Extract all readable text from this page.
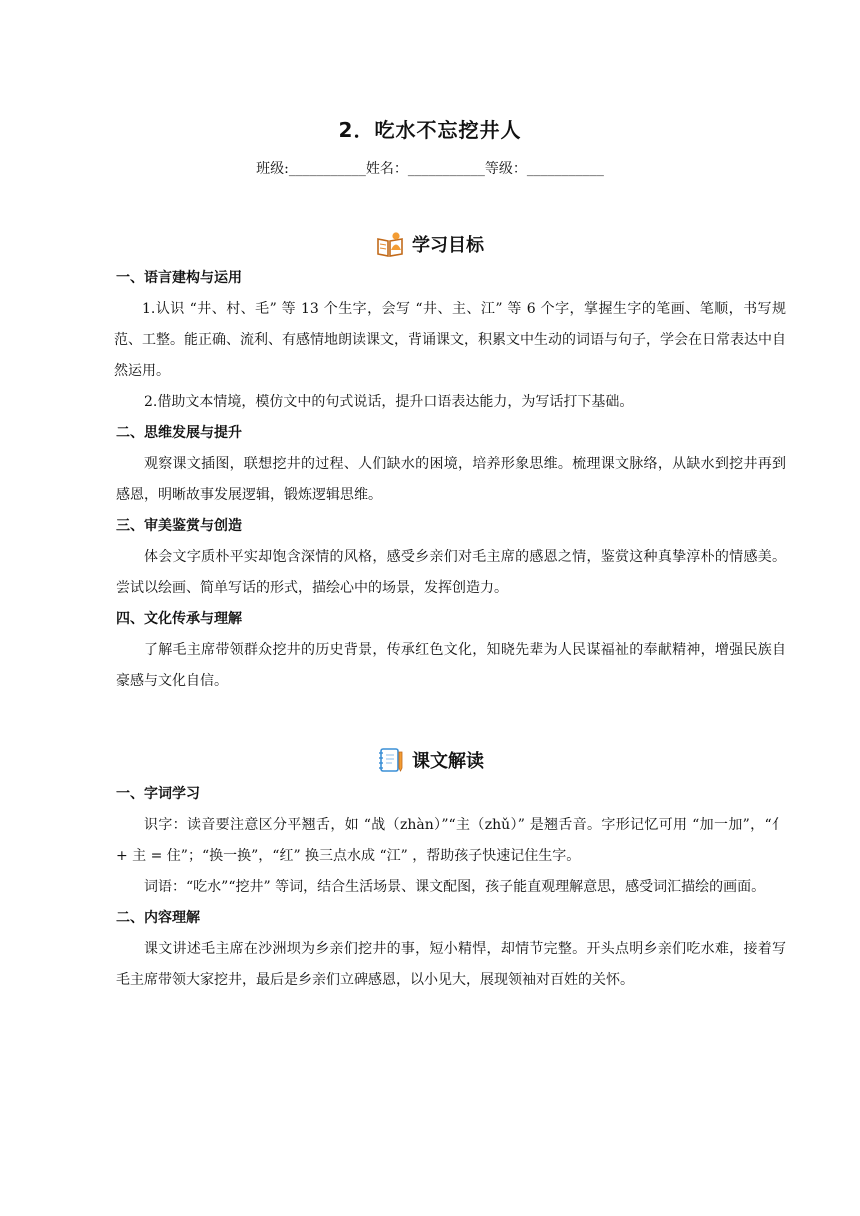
2．吃水不忘挖井人
班级:___________姓名：___________等级：___________
学习目标
一、语言建构与运用

1.认识 “井、村、毛” 等 13 个生字，会写 “井、主、江” 等 6 个字，掌握生字的笔画、笔顺，书写规范、工整。能正确、流利、有感情地朗读课文，背诵课文，积累文中生动的词语与句子，学会在日常表达中自然运用。

2.借助文本情境，模仿文中的句式说话，提升口语表达能力，为写话打下基础。

二、思维发展与提升

观察课文插图，联想挖井的过程、人们缺水的困境，培养形象思维。梳理课文脉络，从缺水到挖井再到感恩，明晰故事发展逻辑，锻炼逻辑思维。

三、审美鉴赏与创造

体会文字质朴平实却饱含深情的风格，感受乡亲们对毛主席的感恩之情，鉴赏这种真挚淳朴的情感美。尝试以绘画、简单写话的形式，描绘心中的场景，发挥创造力。

四、文化传承与理解

了解毛主席带领群众挖井的历史背景，传承红色文化，知晓先辈为人民谋福祉的奉献精神，增强民族自豪感与文化自信。

课文解读
一、字词学习

识字：读音要注意区分平翘舌，如 “战（zhàn）”“主（zhǔ）” 是翘舌音。字形记忆可用 “加一加”，“亻 + 主 = 住”；“换一换”，“红” 换三点水成 “江” ，帮助孩子快速记住生字。

词语：“吃水”“挖井” 等词，结合生活场景、课文配图，孩子能直观理解意思，感受词汇描绘的画面。

二、内容理解

课文讲述毛主席在沙洲坝为乡亲们挖井的事，短小精悍，却情节完整。开头点明乡亲们吃水难，接着写毛主席带领大家挖井，最后是乡亲们立碑感恩，以小见大，展现领袖对百姓的关怀。
